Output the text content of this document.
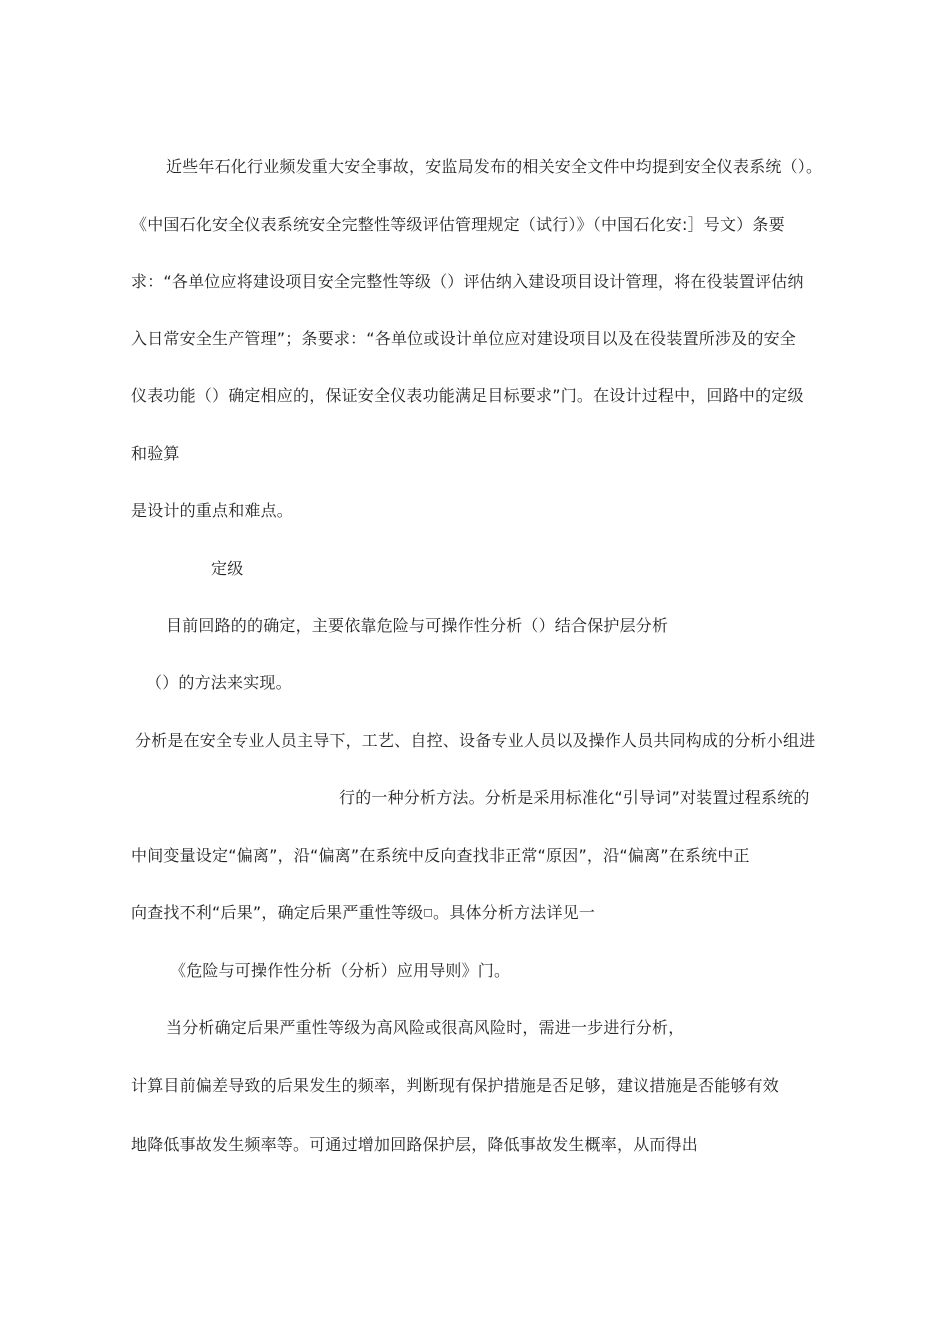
近些年石化行业频发重大安全事故，安监局发布的相关安全文件中均提到安全仪表系统（）。
《中国石化安全仪表系统安全完整性等级评估管理规定（试行）》（中国石化安:］号文）条要
求：“各单位应将建设项目安全完整性等级（）评估纳入建设项目设计管理，将在役装置评估纳
入日常安全生产管理”；条要求：“各单位或设计单位应对建设项目以及在役装置所涉及的安全
仪表功能（）确定相应的，保证安全仪表功能满足目标要求”门。在设计过程中，回路中的定级
和验算
是设计的重点和难点。
定级
目前回路的的确定，主要依靠危险与可操作性分析（）结合保护层分析
（）的方法来实现。
分析是在安全专业人员主导下，工艺、自控、设备专业人员以及操作人员共同构成的分析小组进
行的一种分析方法。分析是采用标准化“引导词”对装置过程系统的
中间变量设定“偏离”，沿“偏离”在系统中反向查找非正常“原因”，沿“偏离”在系统中正
向查找不利“后果”，确定后果严重性等级□。具体分析方法详见一
《危险与可操作性分析（分析）应用导则》门。
当分析确定后果严重性等级为高风险或很高风险时，需进一步进行分析，
计算目前偏差导致的后果发生的频率，判断现有保护措施是否足够，建议措施是否能够有效
地降低事故发生频率等。可通过增加回路保护层，降低事故发生概率，从而得出
